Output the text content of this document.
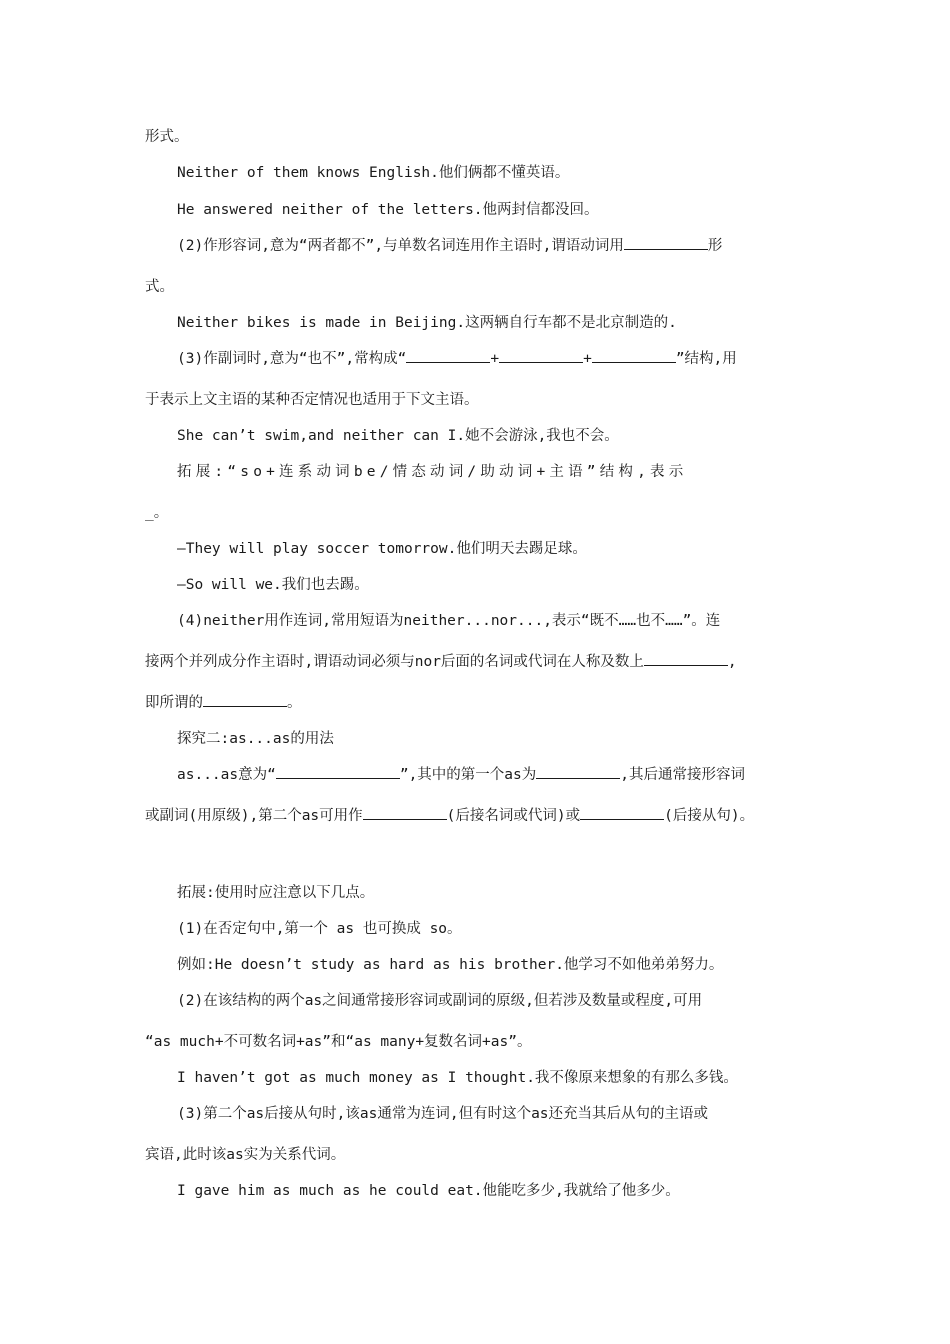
形式。
Neither of them knows English.他们俩都不懂英语。
He answered neither of the letters.他两封信都没回。
(2)作形容词,意为“两者都不”,与单数名词连用作主语时,谓语动词用	形
式。
Neither bikes is made in Beijing.这两辆自行车都不是北京制造的.
(3)作副词时,意为“也不”,常构成“	+	+	”结构,用
于表示上文主语的某种否定情况也适用于下文主语。
She can’t swim,and neither can I.她不会游泳,我也不会。
拓展:“so+连系动词be/情态动词/助动词+主语”结构,表示
_。
—They will play soccer tomorrow.他们明天去踢足球。
—So will we.我们也去踢。
(4)neither用作连词,常用短语为neither...nor...,表示“既不……也不……”。连
接两个并列成分作主语时,谓语动词必须与nor后面的名词或代词在人称及数上	,
即所谓的	。
探究二:as...as的用法
as...as意为“	”,其中的第一个as为	,其后通常接形容词
或副词(用原级),第二个as可用作	(后接名词或代词)或	(后接从句)。
拓展:使用时应注意以下几点。
(1)在否定句中,第一个 as 也可换成 so。
例如:He doesn’t study as hard as his brother.他学习不如他弟弟努力。
(2)在该结构的两个as之间通常接形容词或副词的原级,但若涉及数量或程度,可用
“as much+不可数名词+as”和“as many+复数名词+as”。
I haven’t got as much money as I thought.我不像原来想象的有那么多钱。
(3)第二个as后接从句时,该as通常为连词,但有时这个as还充当其后从句的主语或
宾语,此时该as实为关系代词。
I gave him as much as he could eat.他能吃多少,我就给了他多少。
